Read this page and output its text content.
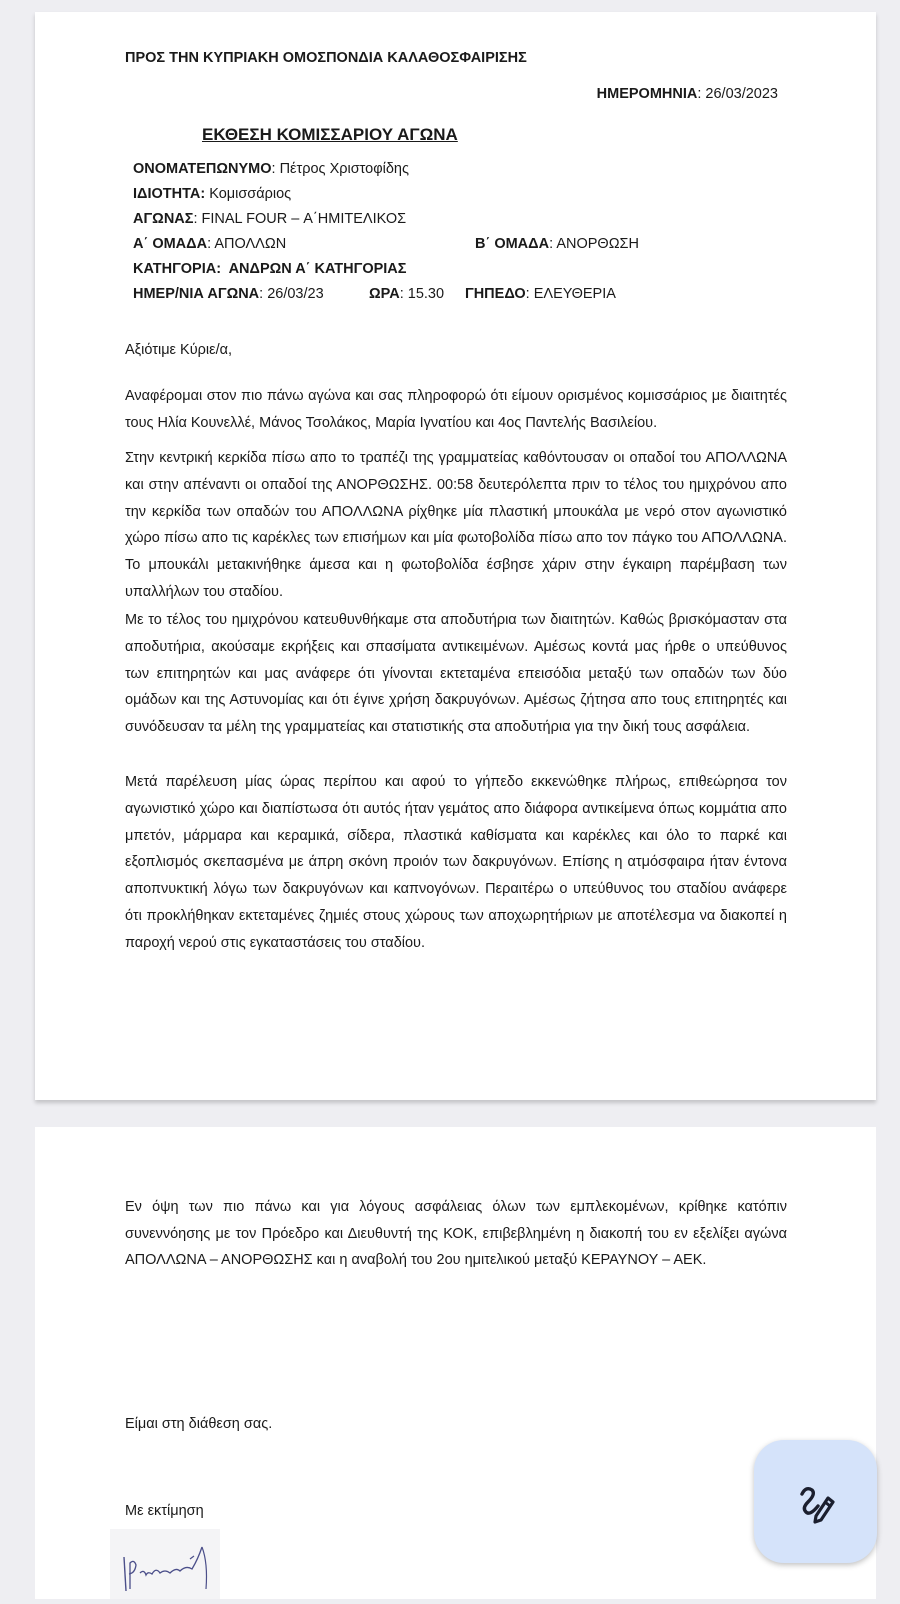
ΠΡΟΣ ΤΗΝ ΚΥΠΡΙΑΚΗ ΟΜΟΣΠΟΝΔΙΑ ΚΑΛΑΘΟΣΦΑΙΡΙΣΗΣ
ΗΜΕΡΟΜΗΝΙΑ: 26/03/2023
ΕΚΘΕΣΗ ΚΟΜΙΣΣΑΡΙΟΥ ΑΓΩΝΑ
ΟΝΟΜΑΤΕΠΩΝΥΜΟ: Πέτρος Χριστοφίδης
ΙΔΙΟΤΗΤΑ: Κομισσάριος
ΑΓΩΝΑΣ: FINAL FOUR – Α΄ΗΜΙΤΕΛΙΚΟΣ
Α΄ ΟΜΑΔΑ: ΑΠΟΛΛΩΝ	Β΄ ΟΜΑΔΑ: ΑΝΟΡΘΩΣΗ
ΚΑΤΗΓΟΡΙΑ:  ΑΝΔΡΩΝ Α΄ ΚΑΤΗΓΟΡΙΑΣ
ΗΜΕΡ/ΝΙΑ ΑΓΩΝΑ: 26/03/23	ΩΡΑ: 15.30 ΓΗΠΕΔΟ: ΕΛΕΥΘΕΡΙΑ
Αξιότιμε Κύριε/α,

Αναφέρομαι στον πιο πάνω αγώνα και σας πληροφορώ ότι είμουν ορισμένος κομισσάριος με διαιτητές τους Ηλία Κουνελλέ, Μάνος Τσολάκος, Μαρία Ιγνατίου και 4ος Παντελής Βασιλείου.

Στην κεντρική κερκίδα πίσω απο το τραπέζι της γραμματείας καθόντουσαν οι οπαδοί του ΑΠΟΛΛΩΝΑ και στην απέναντι οι οπαδοί της ΑΝΟΡΘΩΣΗΣ. 00:58 δευτερόλεπτα πριν το τέλος του ημιχρόνου απο την κερκίδα των οπαδών του ΑΠΟΛΛΩΝΑ ρίχθηκε μία πλαστική μπουκάλα με νερό στον αγωνιστικό χώρο πίσω απο τις καρέκλες των επισήμων και μία φωτοβολίδα πίσω απο τον πάγκο του ΑΠΟΛΛΩΝΑ. Το μπουκάλι μετακινήθηκε άμεσα και η φωτοβολίδα έσβησε χάριν στην έγκαιρη παρέμβαση των υπαλλήλων του σταδίου.

Με το τέλος του ημιχρόνου κατευθυνθήκαμε στα αποδυτήρια των διαιτητών. Καθώς βρισκόμασταν στα αποδυτήρια, ακούσαμε εκρήξεις και σπασίματα αντικειμένων. Αμέσως κοντά μας ήρθε ο υπεύθυνος των επιτηρητών και μας ανάφερε ότι γίνονται εκτεταμένα επεισόδια μεταξύ των οπαδών των δύο ομάδων και της Αστυνομίας και ότι έγινε χρήση δακρυγόνων. Αμέσως ζήτησα απο τους επιτηρητές και συνόδευσαν τα μέλη της γραμματείας και στατιστικής στα αποδυτήρια για την δική τους ασφάλεια.

Μετά παρέλευση μίας ώρας περίπου και αφού το γήπεδο εκκενώθηκε πλήρως, επιθεώρησα τον αγωνιστικό χώρο και διαπίστωσα ότι αυτός ήταν γεμάτος απο διάφορα αντικείμενα όπως κομμάτια απο μπετόν, μάρμαρα και κεραμικά, σίδερα, πλαστικά καθίσματα και καρέκλες και όλο το παρκέ και εξοπλισμός σκεπασμένα με άπρη σκόνη προιόν των δακρυγόνων. Επίσης η ατμόσφαιρα ήταν έντονα αποπνυκτική λόγω των δακρυγόνων και καπνογόνων. Περαιτέρω ο υπεύθυνος του σταδίου ανάφερε ότι προκλήθηκαν εκτεταμένες ζημιές στους χώρους των αποχωρητήριων με αποτέλεσμα να διακοπεί η παροχή νερού στις εγκαταστάσεις του σταδίου.

Εν όψη των πιο πάνω και για λόγους ασφάλειας όλων των εμπλεκομένων, κρίθηκε κατόπιν συνεννόησης με τον Πρόεδρο και Διευθυντή της ΚΟΚ, επιβεβλημένη η διακοπή του εν εξελίξει αγώνα ΑΠΟΛΛΩΝΑ – ΑΝΟΡΘΩΣΗΣ και η αναβολή του 2ου ημιτελικού μεταξύ ΚΕΡΑΥΝΟΥ – ΑΕΚ.

Είμαι στη διάθεση σας.
Με εκτίμηση
